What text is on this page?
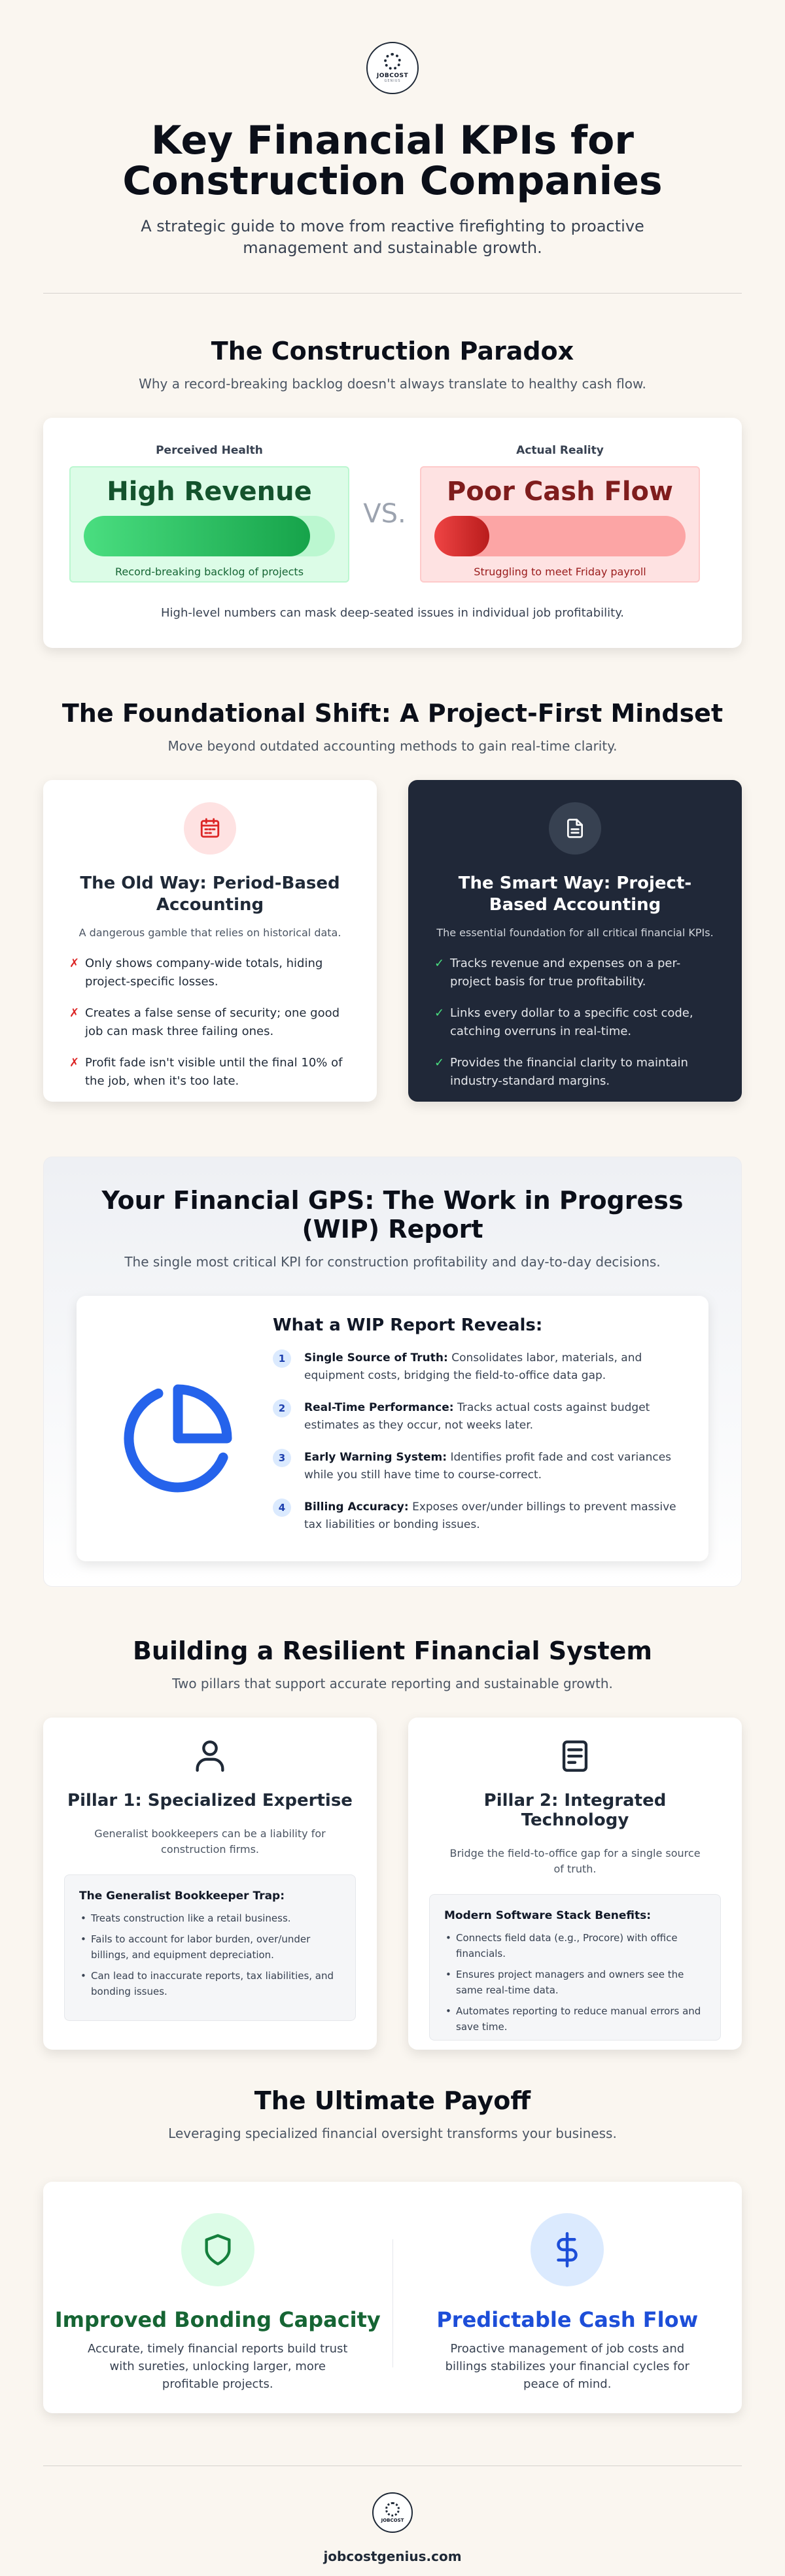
JOBCOST
GENIUS
Key Financial KPIs for Construction Companies

A strategic guide to move from reactive firefighting to proactive management and sustainable growth.

The Construction Paradox

Why a record-breaking backlog doesn't always translate to healthy cash flow.

Perceived Health
High Revenue
Record-breaking backlog of projects
VS.
Actual Reality
Poor Cash Flow
Struggling to meet Friday payroll

High-level numbers can mask deep-seated issues in individual job profitability.

The Foundational Shift: A Project-First Mindset

Move beyond outdated accounting methods to gain real-time clarity.

The Old Way: Period-Based Accounting
A dangerous gamble that relies on historical data.
✗ Only shows company-wide totals, hiding project-specific losses.
✗ Creates a false sense of security; one good job can mask three failing ones.
✗ Profit fade isn't visible until the final 10% of the job, when it's too late.
The Smart Way: Project-Based Accounting
The essential foundation for all critical financial KPIs.
✓ Tracks revenue and expenses on a per-project basis for true profitability.
✓ Links every dollar to a specific cost code, catching overruns in real-time.
✓ Provides the financial clarity to maintain industry-standard margins.
Your Financial GPS: The Work in Progress (WIP) Report

The single most critical KPI for construction profitability and day-to-day decisions.

What a WIP Report Reveals:
1	Single Source of Truth: Consolidates labor, materials, and equipment costs, bridging the field-to-office data gap.
2	Real-Time Performance: Tracks actual costs against budget estimates as they occur, not weeks later.
3	Early Warning System: Identifies profit fade and cost variances while you still have time to course-correct.
4	Billing Accuracy: Exposes over/under billings to prevent massive tax liabilities or bonding issues.
Building a Resilient Financial System

Two pillars that support accurate reporting and sustainable growth.

Pillar 1: Specialized Expertise

Generalist bookkeepers can be a liability for construction firms.

The Generalist Bookkeeper Trap:
• Treats construction like a retail business.
• Fails to account for labor burden, over/under billings, and equipment depreciation.
• Can lead to inaccurate reports, tax liabilities, and bonding issues.
Pillar 2: Integrated Technology

Bridge the field-to-office gap for a single source of truth.

Modern Software Stack Benefits:
• Connects field data (e.g., Procore) with office financials.
• Ensures project managers and owners see the same real-time data.
• Automates reporting to reduce manual errors and save time.
The Ultimate Payoff

Leveraging specialized financial oversight transforms your business.

Improved Bonding Capacity

Accurate, timely financial reports build trust with sureties, unlocking larger, more profitable projects.

Predictable Cash Flow

Proactive management of job costs and billings stabilizes your financial cycles for peace of mind.

JOBCOST
jobcostgenius.com
